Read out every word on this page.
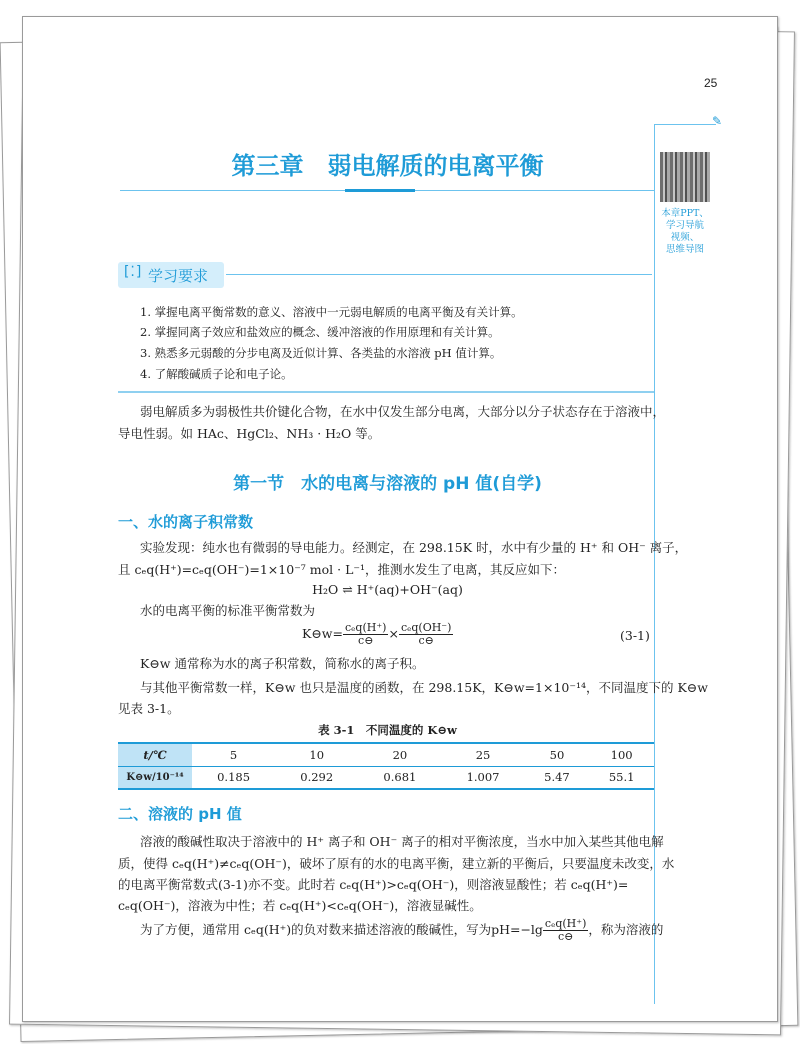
25
✎
本章PPT、
学习导航
视频、
思维导图
第三章　弱电解质的电离平衡
[⁚] 学习要求
1. 掌握电离平衡常数的意义、溶液中一元弱电解质的电离平衡及有关计算。
2. 掌握同离子效应和盐效应的概念、缓冲溶液的作用原理和有关计算。
3. 熟悉多元弱酸的分步电离及近似计算、各类盐的水溶液 pH 值计算。
4. 了解酸碱质子论和电子论。
弱电解质多为弱极性共价键化合物，在水中仅发生部分电离，大部分以分子状态存在于溶液中，
导电性弱。如 HAc、HgCl₂、NH₃ · H₂O 等。
第一节　水的电离与溶液的 pH 值(自学)
一、水的离子积常数
实验发现：纯水也有微弱的导电能力。经测定，在 298.15K 时，水中有少量的 H⁺ 和 OH⁻ 离子，
且 cₑq(H⁺)=cₑq(OH⁻)=1×10⁻⁷ mol · L⁻¹，推测水发生了电离，其反应如下：
H₂O ⇌ H⁺(aq)+OH⁻(aq)
水的电离平衡的标准平衡常数为
K⊖w= $\frac{\text{cₑq(H⁺)}}{c⊖} \times \frac{\text{cₑq(OH⁻)}}{c⊖}$	(3-1)
K⊖w 通常称为水的离子积常数，简称水的离子积。
与其他平衡常数一样，K⊖w 也只是温度的函数，在 298.15K，K⊖w=1×10⁻¹⁴，不同温度下的 K⊖w
见表 3-1。
表 3-1　不同温度的 K⊖w
t/℃	5	10	20	25	50	100
K⊖w/10⁻¹⁴	0.185	0.292	0.681	1.007	5.47	55.1
二、溶液的 pH 值
溶液的酸碱性取决于溶液中的 H⁺ 离子和 OH⁻ 离子的相对平衡浓度，当水中加入某些其他电解
质，使得 cₑq(H⁺)≠cₑq(OH⁻)，破坏了原有的水的电离平衡，建立新的平衡后，只要温度未改变，水
的电离平衡常数式(3-1)亦不变。此时若 cₑq(H⁺)>cₑq(OH⁻)，则溶液显酸性；若 cₑq(H⁺)=
cₑq(OH⁻)，溶液为中性；若 cₑq(H⁺)<cₑq(OH⁻)，溶液显碱性。
为了方便，通常用 cₑq(H⁺)的负对数来描述溶液的酸碱性，写为$pH=-\lg \frac{\text{cₑq(H⁺)}}{c⊖}$ ，称为溶液的
